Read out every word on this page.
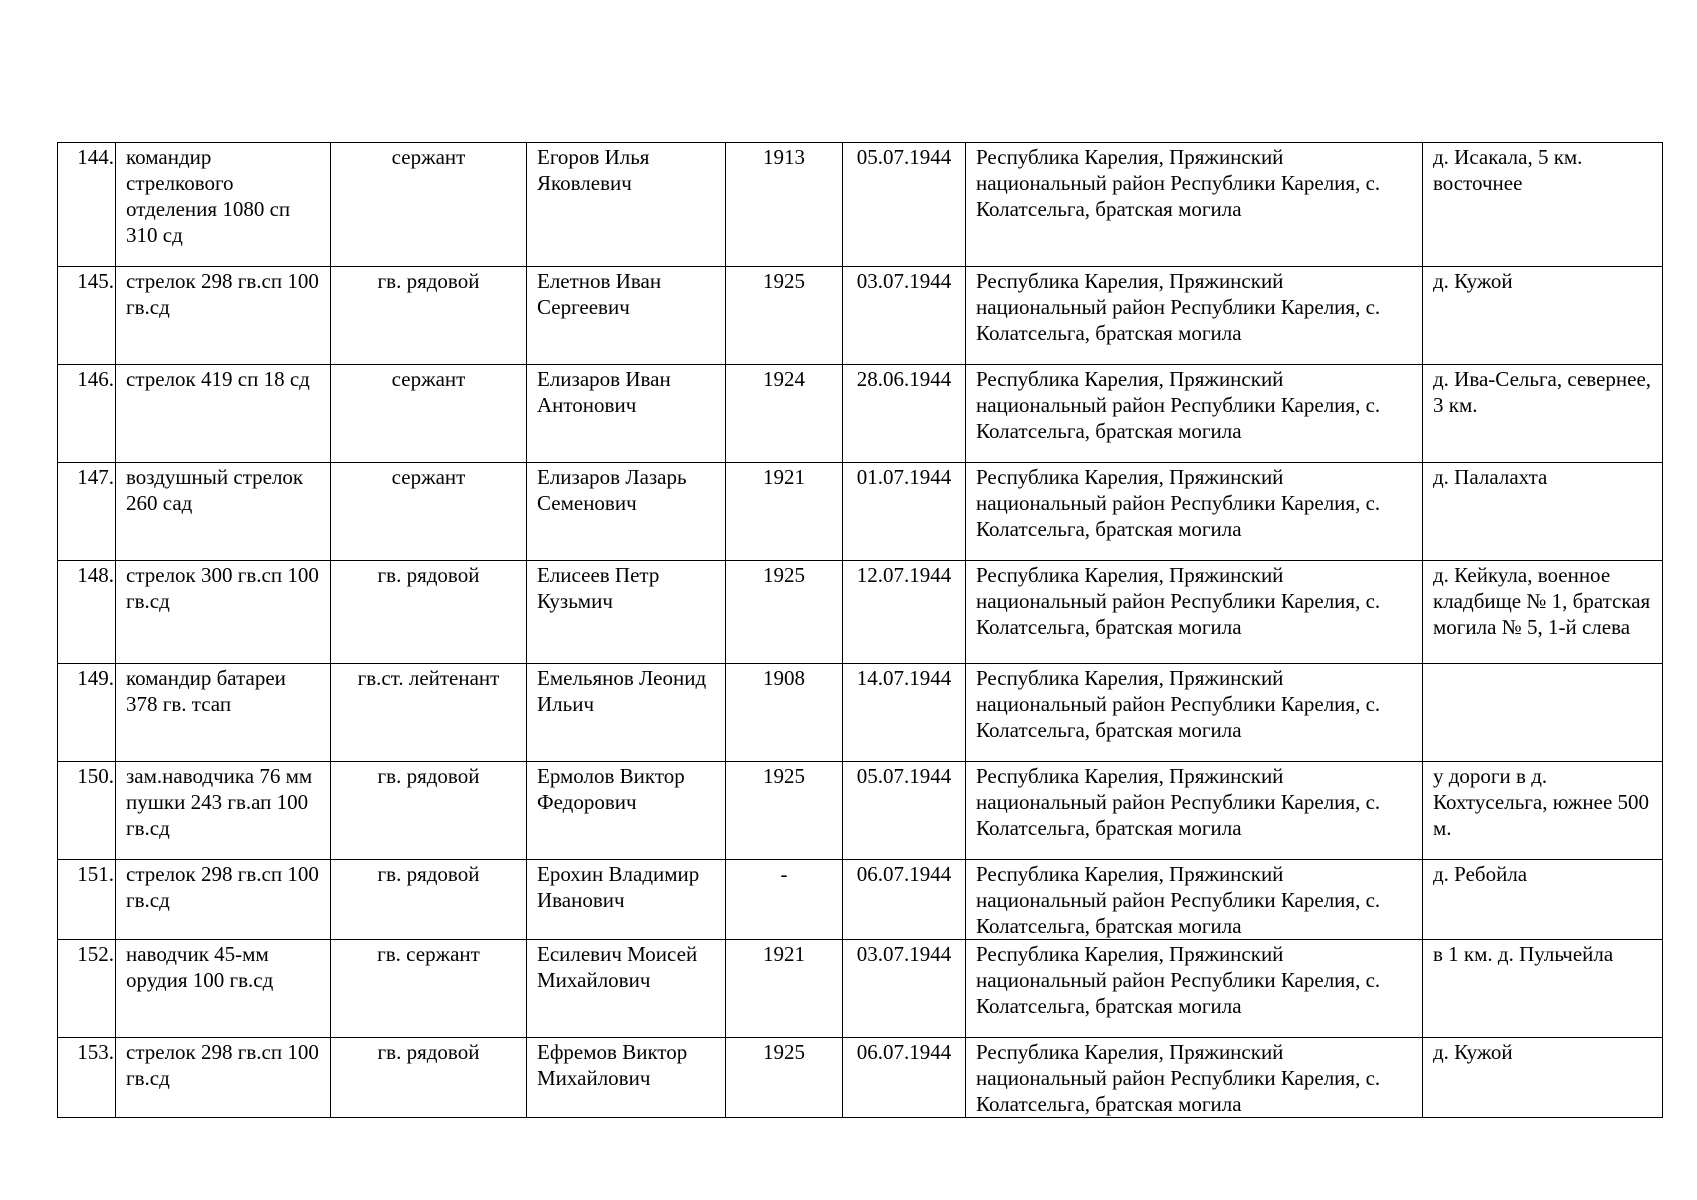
144.	командир стрелкового отделения 1080 сп 310 сд	сержант	Егоров Илья Яковлевич	1913	05.07.1944	Республика Карелия, Пряжинский национальный район Республики Карелия, с. Колатсельга, братская могила	д. Исакала, 5 км. восточнее
145.	стрелок 298 гв.сп 100 гв.сд	гв. рядовой	Елетнов Иван Сергеевич	1925	03.07.1944	Республика Карелия, Пряжинский национальный район Республики Карелия, с. Колатсельга, братская могила	д. Кужой
146.	стрелок 419 сп 18 сд	сержант	Елизаров Иван Антонович	1924	28.06.1944	Республика Карелия, Пряжинский национальный район Республики Карелия, с. Колатсельга, братская могила	д. Ива-Сельга, севернее, 3 км.
147.	воздушный стрелок 260 сад	сержант	Елизаров Лазарь Семенович	1921	01.07.1944	Республика Карелия, Пряжинский национальный район Республики Карелия, с. Колатсельга, братская могила	д. Палалахта
148.	стрелок 300 гв.сп 100 гв.сд	гв. рядовой	Елисеев Петр Кузьмич	1925	12.07.1944	Республика Карелия, Пряжинский национальный район Республики Карелия, с. Колатсельга, братская могила	д. Кейкула, военное кладбище № 1, братская могила № 5, 1-й слева
149.	командир батареи 378 гв. тсап	гв.ст. лейтенант	Емельянов Леонид Ильич	1908	14.07.1944	Республика Карелия, Пряжинский национальный район Республики Карелия, с. Колатсельга, братская могила	
150.	зам.наводчика 76 мм пушки 243 гв.ап 100 гв.сд	гв. рядовой	Ермолов Виктор Федорович	1925	05.07.1944	Республика Карелия, Пряжинский национальный район Республики Карелия, с. Колатсельга, братская могила	у дороги в д. Кохтусельга, южнее 500 м.
151.	стрелок 298 гв.сп 100 гв.сд	гв. рядовой	Ерохин Владимир Иванович	-	06.07.1944	Республика Карелия, Пряжинский национальный район Республики Карелия, с. Колатсельга, братская могила	д. Ребойла
152.	наводчик 45-мм орудия 100 гв.сд	гв. сержант	Есилевич Моисей Михайлович	1921	03.07.1944	Республика Карелия, Пряжинский национальный район Республики Карелия, с. Колатсельга, братская могила	в 1 км. д. Пульчейла
153.	стрелок 298 гв.сп 100 гв.сд	гв. рядовой	Ефремов Виктор Михайлович	1925	06.07.1944	Республика Карелия, Пряжинский национальный район Республики Карелия, с. Колатсельга, братская могила	д. Кужой
